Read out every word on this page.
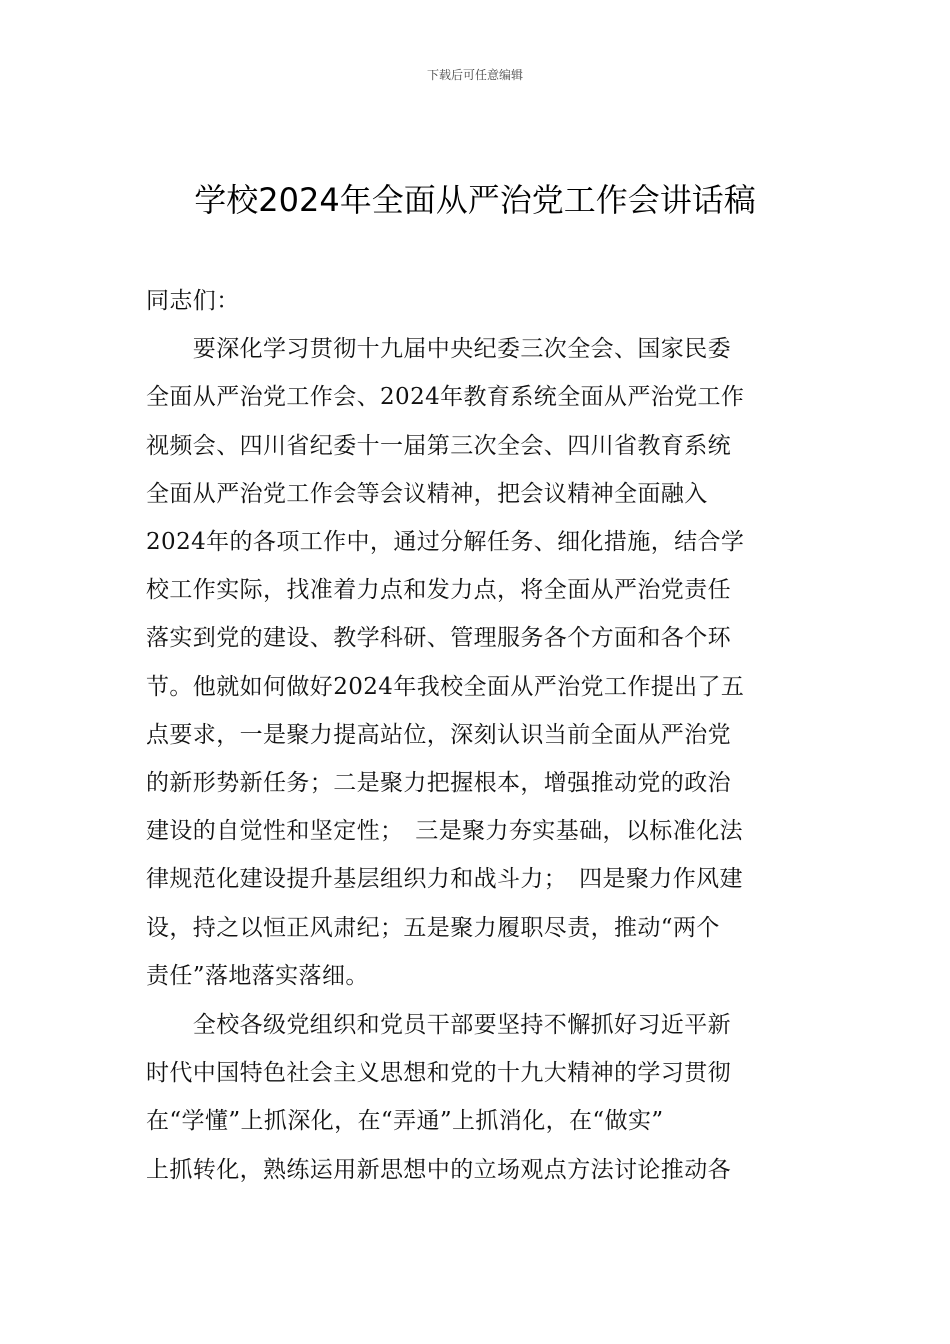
下载后可任意编辑
学校2024年全面从严治党工作会讲话稿

同志们：

　　要深化学习贯彻十九届中央纪委三次全会、国家民委

全面从严治党工作会、2024年教育系统全面从严治党工作

视频会、四川省纪委十一届第三次全会、四川省教育系统

全面从严治党工作会等会议精神，把会议精神全面融入

2024年的各项工作中，通过分解任务、细化措施，结合学

校工作实际，找准着力点和发力点，将全面从严治党责任

落实到党的建设、教学科研、管理服务各个方面和各个环

节。他就如何做好2024年我校全面从严治党工作提出了五

点要求，一是聚力提高站位，深刻认识当前全面从严治党

的新形势新任务；二是聚力把握根本，增强推动党的政治

建设的自觉性和坚定性；　三是聚力夯实基础，以标准化法

律规范化建设提升基层组织力和战斗力；　四是聚力作风建

设，持之以恒正风肃纪；五是聚力履职尽责，推动“两个

责任”落地落实落细。

　　全校各级党组织和党员干部要坚持不懈抓好习近平新

时代中国特色社会主义思想和党的十九大精神的学习贯彻

在“学懂”上抓深化，在“弄通”上抓消化，在“做实”

上抓转化，熟练运用新思想中的立场观点方法讨论推动各
